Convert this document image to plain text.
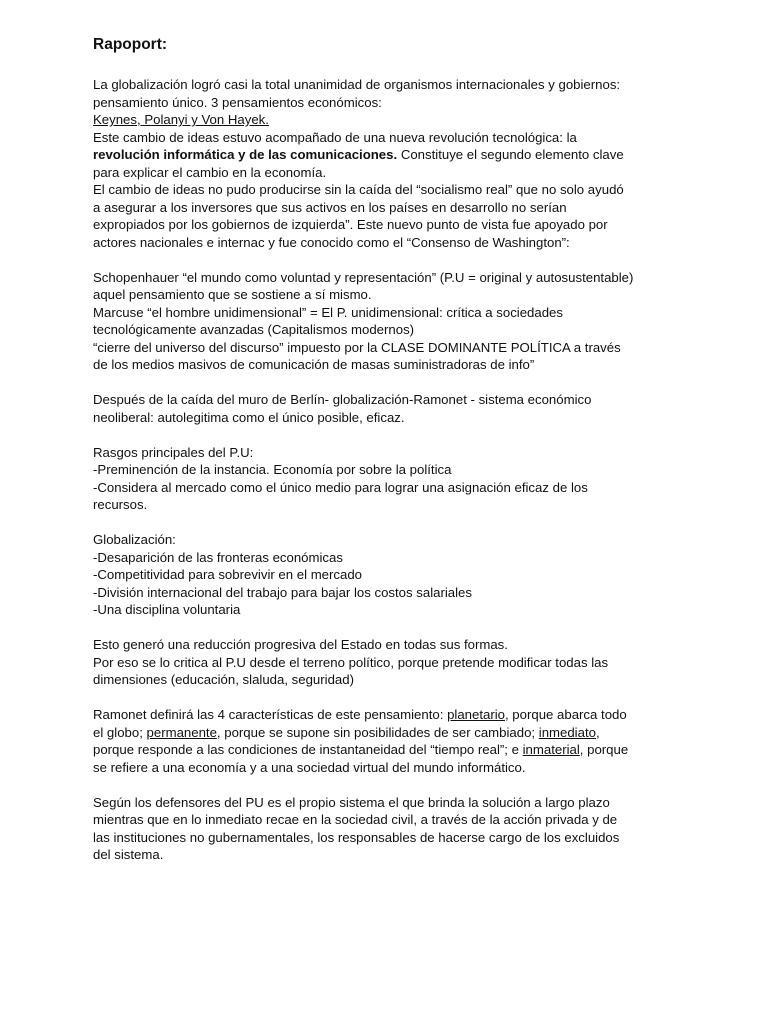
Rapoport:

La globalización logró casi la total unanimidad de organismos internacionales y gobiernos:
pensamiento único. 3 pensamientos económicos:
Keynes, Polanyi y Von Hayek.
Este cambio de ideas estuvo acompañado de una nueva revolución tecnológica: la
revolución informática y de las comunicaciones. Constituye el segundo elemento clave
para explicar el cambio en la economía.
El cambio de ideas no pudo producirse sin la caída del “socialismo real” que no solo ayudó
a asegurar a los inversores que sus activos en los países en desarrollo no serían
expropiados por los gobiernos de izquierda”. Este nuevo punto de vista fue apoyado por
actores nacionales e internac y fue conocido como el “Consenso de Washington”:

Schopenhauer “el mundo como voluntad y representación” (P.U = original y autosustentable)
aquel pensamiento que se sostiene a sí mismo.
Marcuse “el hombre unidimensional” = El P. unidimensional: crítica a sociedades
tecnológicamente avanzadas (Capitalismos modernos)
“cierre del universo del discurso” impuesto por la CLASE DOMINANTE POLÍTICA a través
de los medios masivos de comunicación de masas suministradoras de info”

Después de la caída del muro de Berlín- globalización-Ramonet - sistema económico
neoliberal: autolegitima como el único posible, eficaz.

Rasgos principales del P.U:
-Preminención de la instancia. Economía por sobre la política
-Considera al mercado como el único medio para lograr una asignación eficaz de los
recursos.

Globalización:
-Desaparición de las fronteras económicas
-Competitividad para sobrevivir en el mercado
-División internacional del trabajo para bajar los costos salariales
-Una disciplina voluntaria

Esto generó una reducción progresiva del Estado en todas sus formas.
Por eso se lo critica al P.U desde el terreno político, porque pretende modificar todas las
dimensiones (educación, slaluda, seguridad)

Ramonet definirá las 4 características de este pensamiento: planetario, porque abarca todo
el globo; permanente, porque se supone sin posibilidades de ser cambiado; inmediato,
porque responde a las condiciones de instantaneidad del “tiempo real”; e inmaterial, porque
se refiere a una economía y a una sociedad virtual del mundo informático.

Según los defensores del PU es el propio sistema el que brinda la solución a largo plazo
mientras que en lo inmediato recae en la sociedad civil, a través de la acción privada y de
las instituciones no gubernamentales, los responsables de hacerse cargo de los excluidos
del sistema.
